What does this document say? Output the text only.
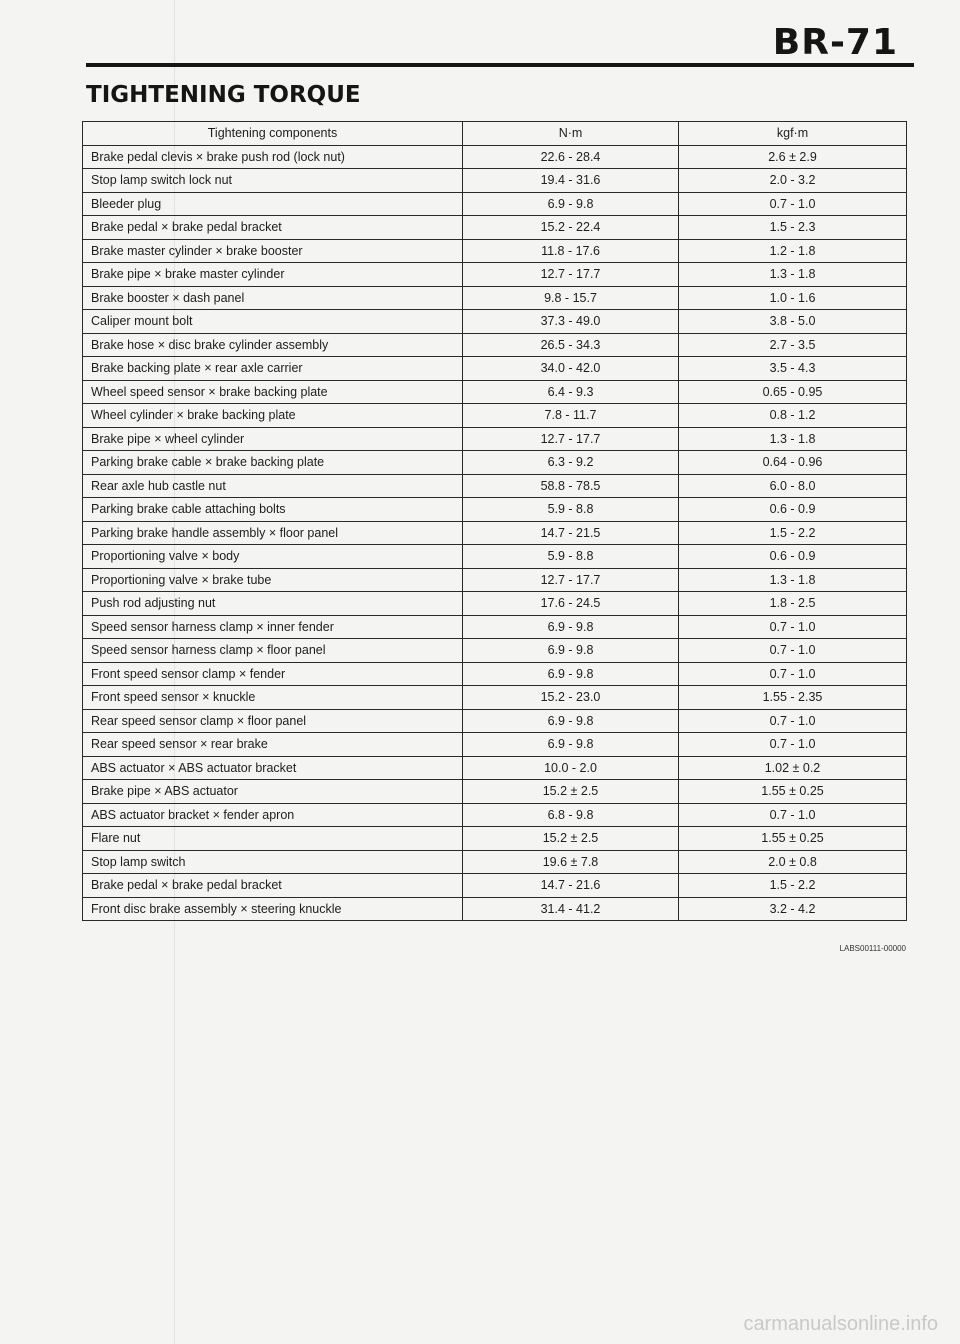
BR-71
TIGHTENING TORQUE
Tightening components	N·m	kgf·m
Brake pedal clevis × brake push rod (lock nut)	22.6 - 28.4	2.6 ± 2.9
Stop lamp switch lock nut	19.4 - 31.6	2.0 - 3.2
Bleeder plug	6.9 - 9.8	0.7 - 1.0
Brake pedal × brake pedal bracket	15.2 - 22.4	1.5 - 2.3
Brake master cylinder × brake booster	11.8 - 17.6	1.2 - 1.8
Brake pipe × brake master cylinder	12.7 - 17.7	1.3 - 1.8
Brake booster × dash panel	9.8 - 15.7	1.0 - 1.6
Caliper mount bolt	37.3 - 49.0	3.8 - 5.0
Brake hose × disc brake cylinder assembly	26.5 - 34.3	2.7 - 3.5
Brake backing plate × rear axle carrier	34.0 - 42.0	3.5 - 4.3
Wheel speed sensor × brake backing plate	6.4 - 9.3	0.65 - 0.95
Wheel cylinder × brake backing plate	7.8 - 11.7	0.8 - 1.2
Brake pipe × wheel cylinder	12.7 - 17.7	1.3 - 1.8
Parking brake cable × brake backing plate	6.3 - 9.2	0.64 - 0.96
Rear axle hub castle nut	58.8 - 78.5	6.0 - 8.0
Parking brake cable attaching bolts	5.9 - 8.8	0.6 - 0.9
Parking brake handle assembly × floor panel	14.7 - 21.5	1.5 - 2.2
Proportioning valve × body	5.9 - 8.8	0.6 - 0.9
Proportioning valve × brake tube	12.7 - 17.7	1.3 - 1.8
Push rod adjusting nut	17.6 - 24.5	1.8 - 2.5
Speed sensor harness clamp × inner fender	6.9 - 9.8	0.7 - 1.0
Speed sensor harness clamp × floor panel	6.9 - 9.8	0.7 - 1.0
Front speed sensor clamp × fender	6.9 - 9.8	0.7 - 1.0
Front speed sensor × knuckle	15.2 - 23.0	1.55 - 2.35
Rear speed sensor clamp × floor panel	6.9 - 9.8	0.7 - 1.0
Rear speed sensor × rear brake	6.9 - 9.8	0.7 - 1.0
ABS actuator × ABS actuator bracket	10.0 - 2.0	1.02 ± 0.2
Brake pipe × ABS actuator	15.2 ± 2.5	1.55 ± 0.25
ABS actuator bracket × fender apron	6.8 - 9.8	0.7 - 1.0
Flare nut	15.2 ± 2.5	1.55 ± 0.25
Stop lamp switch	19.6 ± 7.8	2.0 ± 0.8
Brake pedal × brake pedal bracket	14.7 - 21.6	1.5 - 2.2
Front disc brake assembly × steering knuckle	31.4 - 41.2	3.2 - 4.2
LABS00111-00000
carmanualsonline.info
